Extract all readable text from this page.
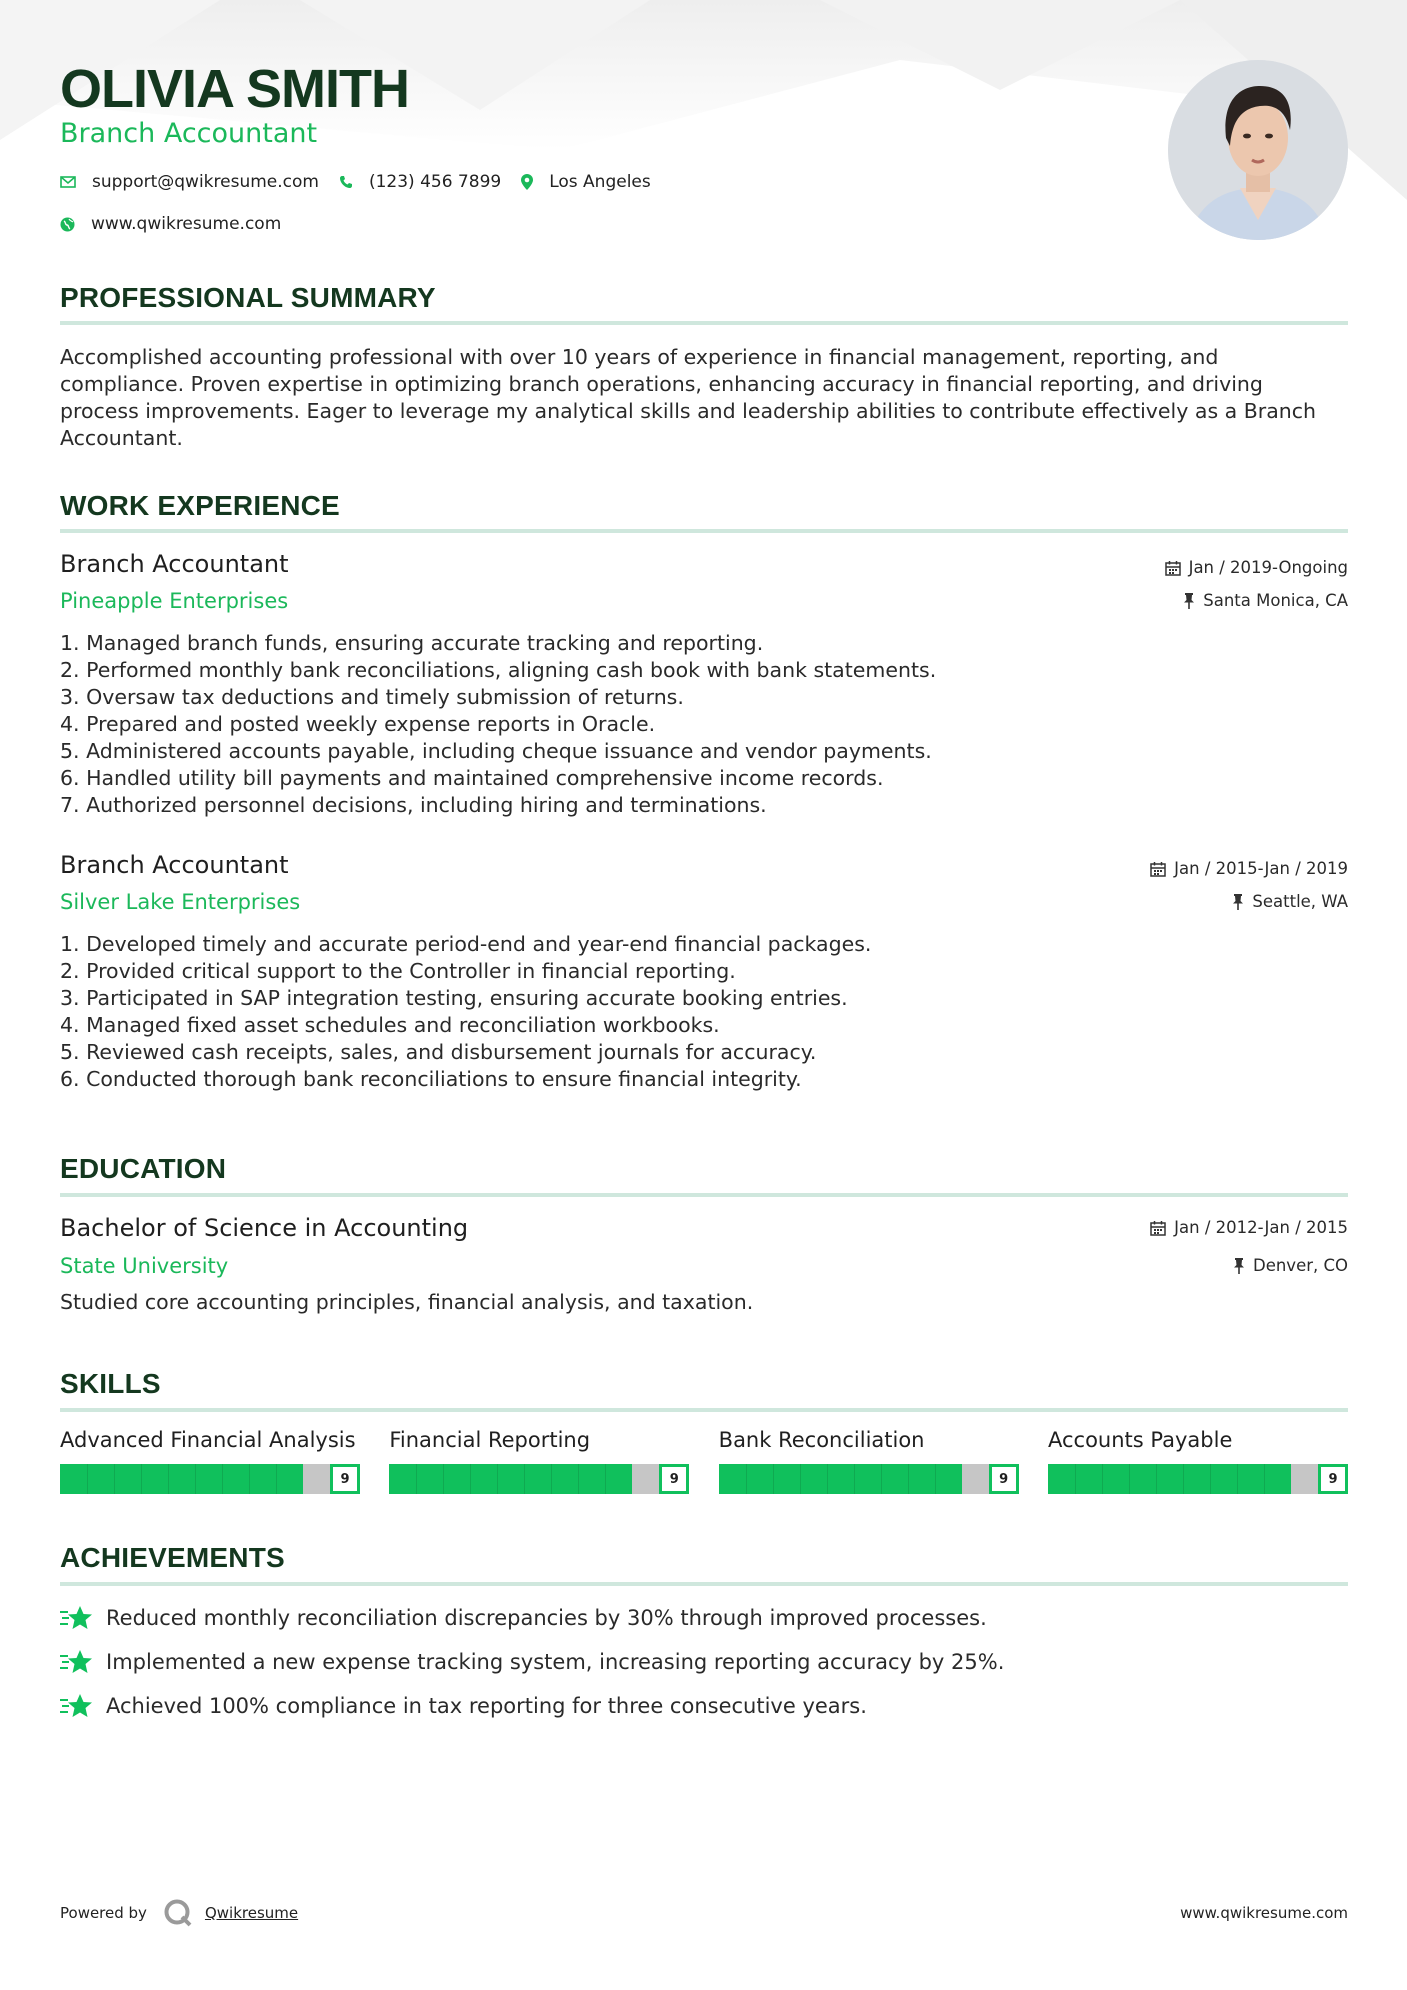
OLIVIA SMITH
Branch Accountant
support@qwikresume.com	(123) 456 7899	Los Angeles
www.qwikresume.com
PROFESSIONAL SUMMARY
Accomplished accounting professional with over 10 years of experience in financial management, reporting, and
compliance. Proven expertise in optimizing branch operations, enhancing accuracy in financial reporting, and driving
process improvements. Eager to leverage my analytical skills and leadership abilities to contribute effectively as a Branch
Accountant.
WORK EXPERIENCE
Branch Accountant
Pineapple Enterprises
Jan / 2019-Ongoing
Santa Monica, CA
1. Managed branch funds, ensuring accurate tracking and reporting.
2. Performed monthly bank reconciliations, aligning cash book with bank statements.
3. Oversaw tax deductions and timely submission of returns.
4. Prepared and posted weekly expense reports in Oracle.
5. Administered accounts payable, including cheque issuance and vendor payments.
6. Handled utility bill payments and maintained comprehensive income records.
7. Authorized personnel decisions, including hiring and terminations.
Branch Accountant
Silver Lake Enterprises
Jan / 2015-Jan / 2019
Seattle, WA
1. Developed timely and accurate period-end and year-end financial packages.
2. Provided critical support to the Controller in financial reporting.
3. Participated in SAP integration testing, ensuring accurate booking entries.
4. Managed fixed asset schedules and reconciliation workbooks.
5. Reviewed cash receipts, sales, and disbursement journals for accuracy.
6. Conducted thorough bank reconciliations to ensure financial integrity.
EDUCATION
Bachelor of Science in Accounting
State University
Jan / 2012-Jan / 2015
Denver, CO
Studied core accounting principles, financial analysis, and taxation.
SKILLS
Advanced Financial Analysis
9
Financial Reporting
9
Bank Reconciliation
9
Accounts Payable
9
ACHIEVEMENTS
Reduced monthly reconciliation discrepancies by 30% through improved processes.
Implemented a new expense tracking system, increasing reporting accuracy by 25%.
Achieved 100% compliance in tax reporting for three consecutive years.
Powered by	Qwikresume	www.qwikresume.com
